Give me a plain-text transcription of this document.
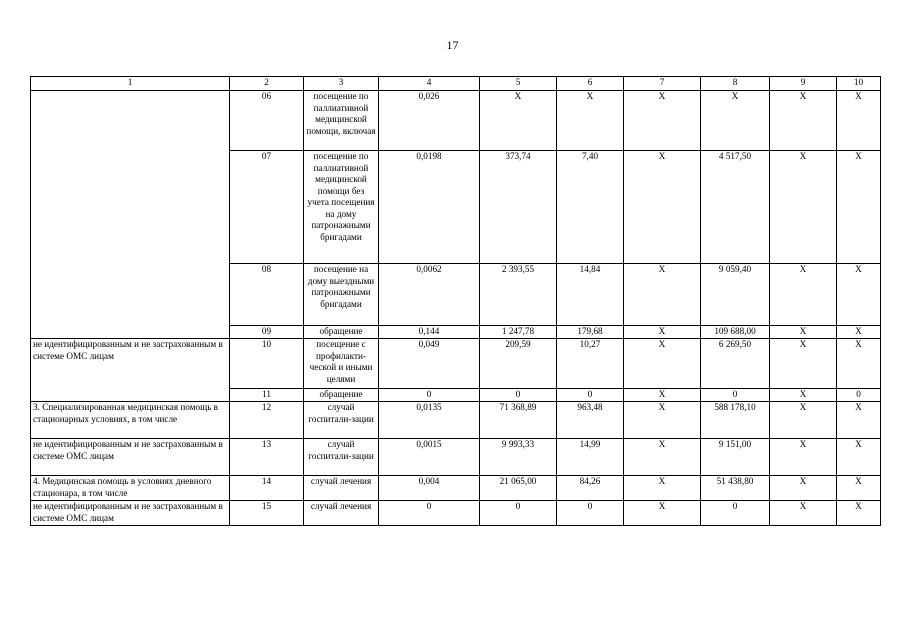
17
1	2	3	4	5	6	7	8	9	10
	06	посещение по паллиативной медицинской помощи, включая	0,026	Х	Х	Х	Х	Х	Х
	07	посещение по паллиативной медицинской помощи без учета посещения на дому патронажными бригадами	0,0198	373,74	7,40	Х	4 517,50	Х	Х
	08	посещение на дому выездными патронажными бригадами	0,0062	2 393,55	14,84	Х	9 059,40	Х	Х
	09	обращение	0,144	1 247,78	179,68	Х	109 688,00	Х	Х
не идентифицированным и не застрахованным в системе ОМС лицам	10	посещение с профилакти-ческой и иными целями	0,049	209,59	10,27	Х	6 269,50	Х	Х
	11	обращение	0	0	0	Х	0	Х	0
3. Специализированная медицинская помощь в стационарных условиях, в том числе	12	случай госпитали-зации	0,0135	71 368,89	963,48	Х	588 178,10	Х	Х
не идентифицированным и не застрахованным в системе ОМС лицам	13	случай госпитали-зации	0,0015	9 993,33	14,99	Х	9 151,00	Х	Х
4. Медицинская помощь в условиях дневного стационара, в том числе	14	случай лечения	0,004	21 065,00	84,26	Х	51 438,80	Х	Х
не идентифицированным и не застрахованным в системе ОМС лицам	15	случай лечения	0	0	0	Х	0	Х	Х
